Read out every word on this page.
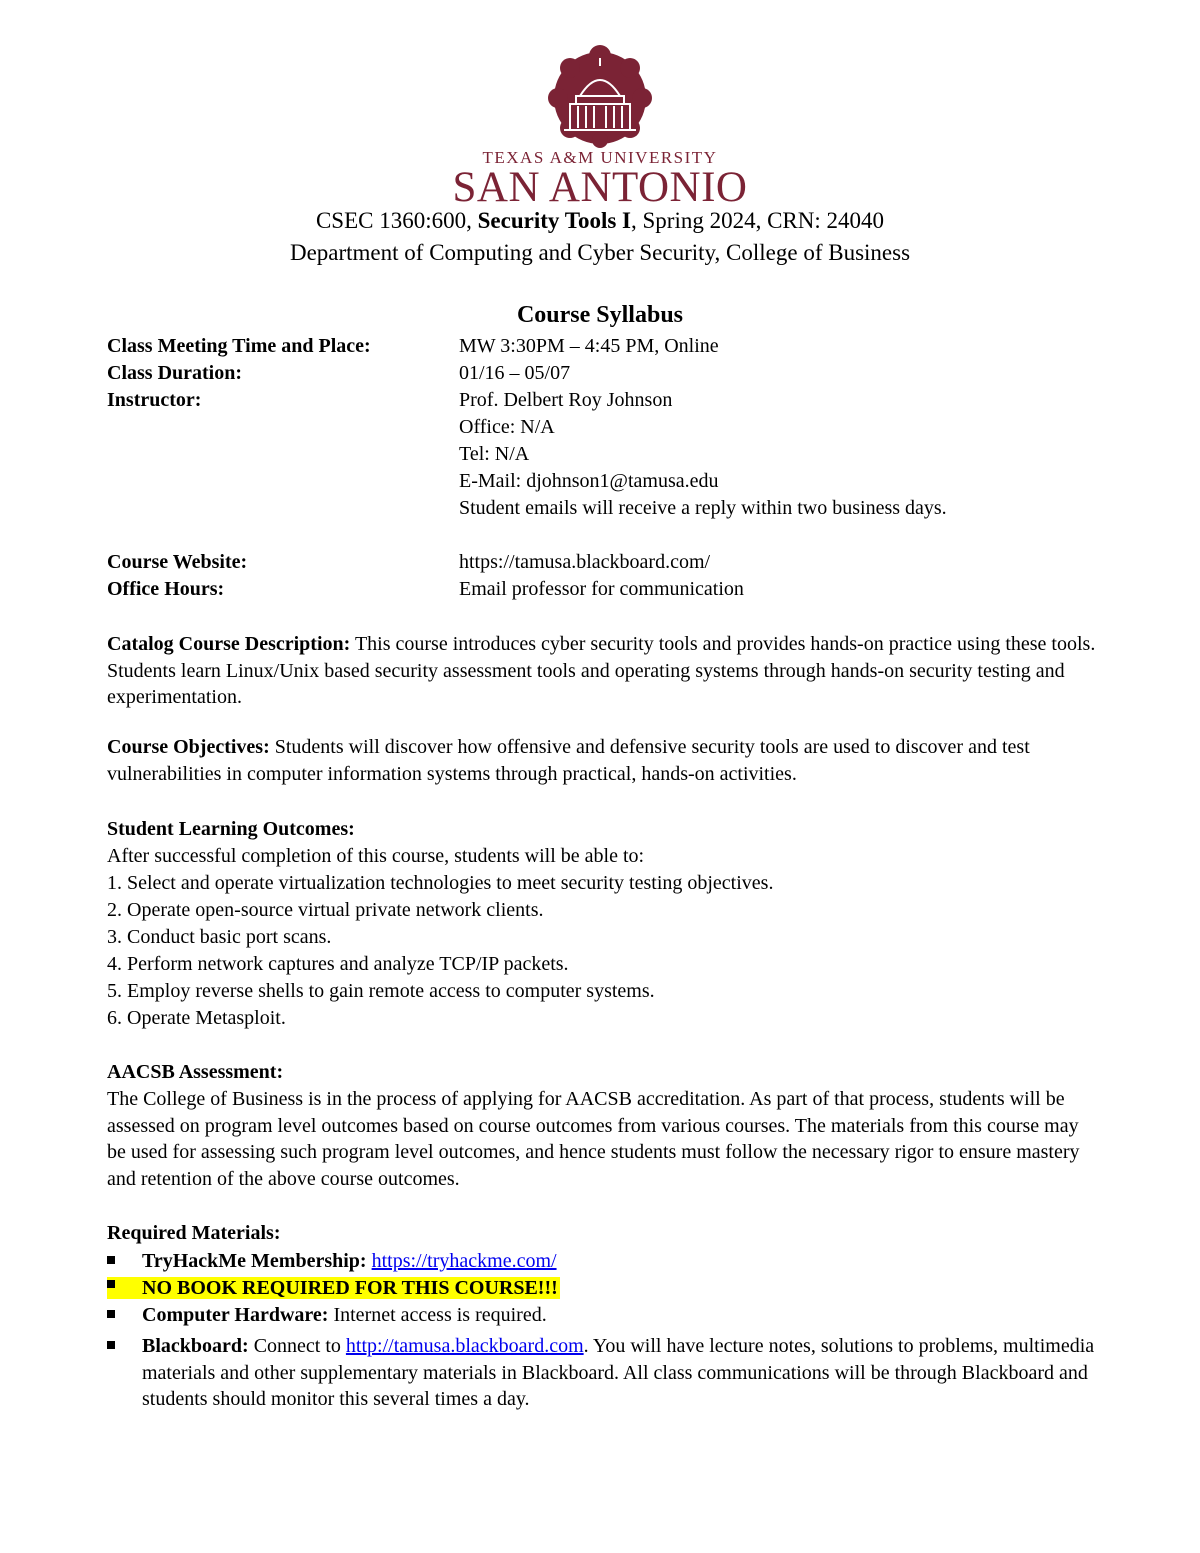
TEXAS A&M UNIVERSITY
SAN ANTONIO
CSEC 1360:600, Security Tools I, Spring 2024, CRN: 24040
Department of Computing and Cyber Security, College of Business
Course Syllabus
Class Meeting Time and Place:	MW 3:30PM – 4:45 PM, Online
Class Duration:	01/16 – 05/07
Instructor:	Prof. Delbert Roy Johnson
Office: N/A
Tel: N/A
E-Mail: djohnson1@tamusa.edu
Student emails will receive a reply within two business days.
Course Website:	https://tamusa.blackboard.com/
Office Hours:	Email professor for communication
Catalog Course Description: This course introduces cyber security tools and provides hands-on practice using these tools. Students learn Linux/Unix based security assessment tools and operating systems through hands-on security testing and experimentation.
Course Objectives: Students will discover how offensive and defensive security tools are used to discover and test vulnerabilities in computer information systems through practical, hands-on activities.
Student Learning Outcomes:
After successful completion of this course, students will be able to:
1. Select and operate virtualization technologies to meet security testing objectives.
2. Operate open-source virtual private network clients.
3. Conduct basic port scans.
4. Perform network captures and analyze TCP/IP packets.
5. Employ reverse shells to gain remote access to computer systems.
6. Operate Metasploit.
AACSB Assessment:
The College of Business is in the process of applying for AACSB accreditation. As part of that process, students will be assessed on program level outcomes based on course outcomes from various courses. The materials from this course may be used for assessing such program level outcomes, and hence students must follow the necessary rigor to ensure mastery and retention of the above course outcomes.
Required Materials:
TryHackMe Membership: https://tryhackme.com/
NO BOOK REQUIRED FOR THIS COURSE!!!
Computer Hardware: Internet access is required.
Blackboard: Connect to http://tamusa.blackboard.com. You will have lecture notes, solutions to problems, multimedia materials and other supplementary materials in Blackboard. All class communications will be through Blackboard and students should monitor this several times a day.
